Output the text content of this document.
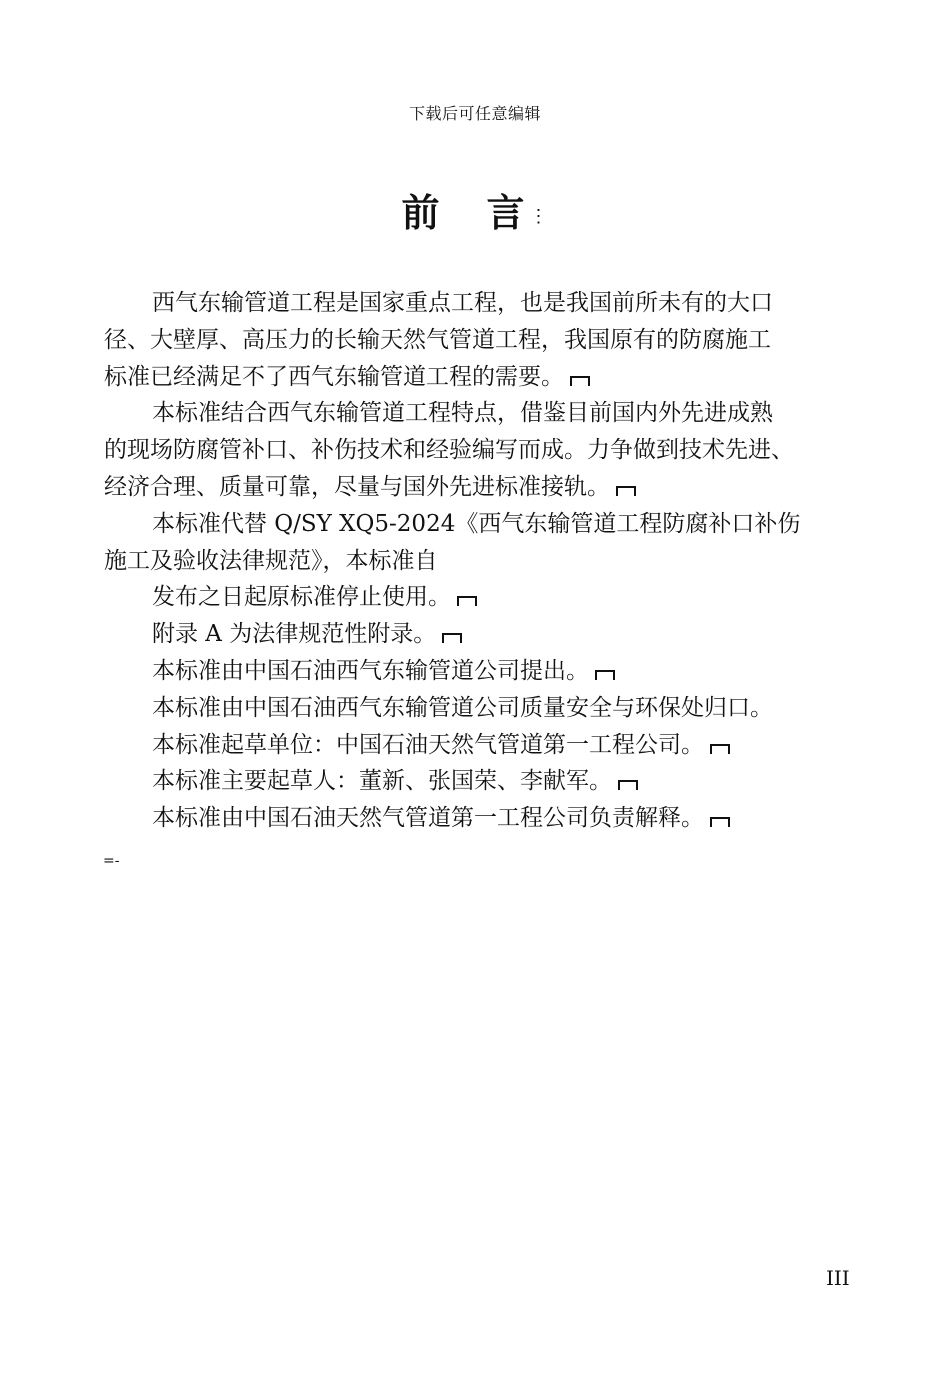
下载后可任意编辑
前 言 ⋮
西气东输管道工程是国家重点工程，也是我国前所未有的大口
径、大壁厚、高压力的长输天然气管道工程，我国原有的防腐施工
标准已经满足不了西气东输管道工程的需要。
本标准结合西气东输管道工程特点，借鉴目前国内外先进成熟
的现场防腐管补口、补伤技术和经验编写而成。力争做到技术先进、
经济合理、质量可靠，尽量与国外先进标准接轨。
本标准代替 Q/SY XQ5-2024《西气东输管道工程防腐补口补伤
施工及验收法律规范》，本标准自
发布之日起原标准停止使用。
附录 A 为法律规范性附录。
本标准由中国石油西气东输管道公司提出。
本标准由中国石油西气东输管道公司质量安全与环保处归口。
本标准起草单位：中国石油天然气管道第一工程公司。
本标准主要起草人：董新、张国荣、李献军。
本标准由中国石油天然气管道第一工程公司负责解释。
=-
III
